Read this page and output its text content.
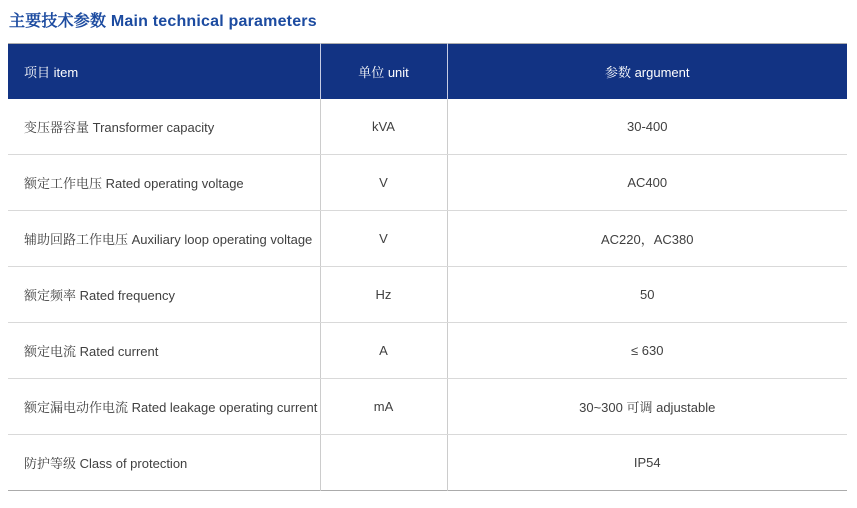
主要技术参数 Main technical parameters
项目 item	单位 unit	参数 argument
变压器容量 Transformer capacity	kVA	30-400
额定工作电压 Rated operating voltage	V	AC400
辅助回路工作电压 Auxiliary loop operating voltage	V	AC220，AC380
额定频率 Rated frequency	Hz	50
额定电流 Rated current	A	≤ 630
额定漏电动作电流 Rated leakage operating current	mA	30~300 可调 adjustable
防护等级 Class of protection		IP54
